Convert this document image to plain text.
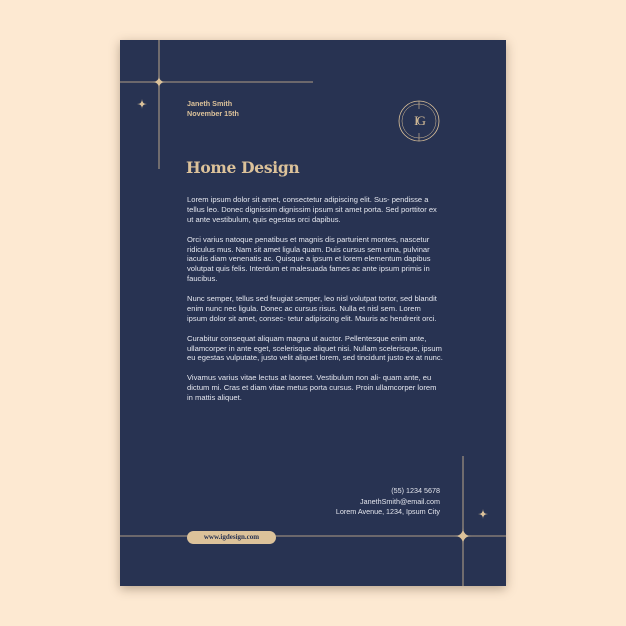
Janeth Smith
November 15th	IG
Home Design

Lorem ipsum dolor sit amet, consectetur adipiscing elit. Sus- pendisse a tellus leo. Donec dignissim dignissim ipsum sit amet porta. Sed porttitor ex ut ante vestibulum, quis egestas orci dapibus.

Orci varius natoque penatibus et magnis dis parturient montes, nascetur ridiculus mus. Nam sit amet ligula quam. Duis cursus sem urna, pulvinar iaculis diam venenatis ac. Quisque a ipsum et lorem elementum dapibus volutpat quis felis. Interdum et malesuada fames ac ante ipsum primis in faucibus.

Nunc semper, tellus sed feugiat semper, leo nisl volutpat tortor, sed blandit enim nunc nec ligula. Donec ac cursus risus. Nulla et nisl sem. Lorem ipsum dolor sit amet, consec- tetur adipiscing elit. Mauris ac hendrerit orci.

Curabitur consequat aliquam magna ut auctor. Pellentesque enim ante, ullamcorper in ante eget, scelerisque aliquet nisi. Nullam scelerisque, ipsum eu egestas vulputate, justo velit aliquet lorem, sed tincidunt justo ex at nunc.

Vivamus varius vitae lectus at laoreet. Vestibulum non ali- quam ante, eu dictum mi. Cras et diam vitae metus porta cursus. Proin ullamcorper lorem in mattis aliquet.

(55) 1234 5678
JanethSmith@email.com
Lorem Avenue, 1234, Ipsum City
www.igdesign.com
